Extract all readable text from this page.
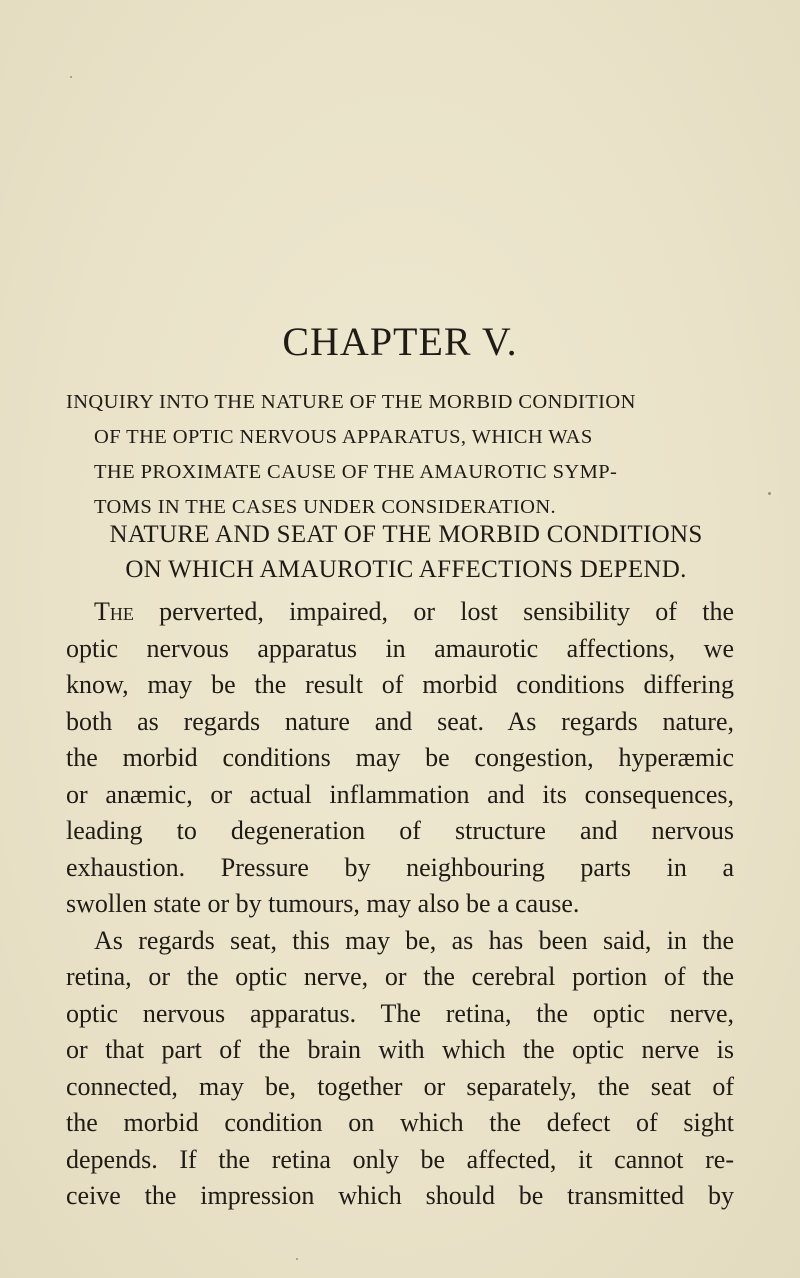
CHAPTER V.
INQUIRY INTO THE NATURE OF THE MORBID CONDITION
OF THE OPTIC NERVOUS APPARATUS, WHICH WAS
THE PROXIMATE CAUSE OF THE AMAUROTIC SYMP-
TOMS IN THE CASES UNDER CONSIDERATION.
NATURE AND SEAT OF THE MORBID CONDITIONS
ON WHICH AMAUROTIC AFFECTIONS DEPEND.
The perverted, impaired, or lost sensibility of the
optic nervous apparatus in amaurotic affections, we
know, may be the result of morbid conditions differing
both as regards nature and seat. As regards nature,
the morbid conditions may be congestion, hyperæmic
or anæmic, or actual inflammation and its consequences,
leading to degeneration of structure and nervous
exhaustion. Pressure by neighbouring parts in a
swollen state or by tumours, may also be a cause.
As regards seat, this may be, as has been said, in the
retina, or the optic nerve, or the cerebral portion of the
optic nervous apparatus. The retina, the optic nerve,
or that part of the brain with which the optic nerve is
connected, may be, together or separately, the seat of
the morbid condition on which the defect of sight
depends. If the retina only be affected, it cannot re-
ceive the impression which should be transmitted by
